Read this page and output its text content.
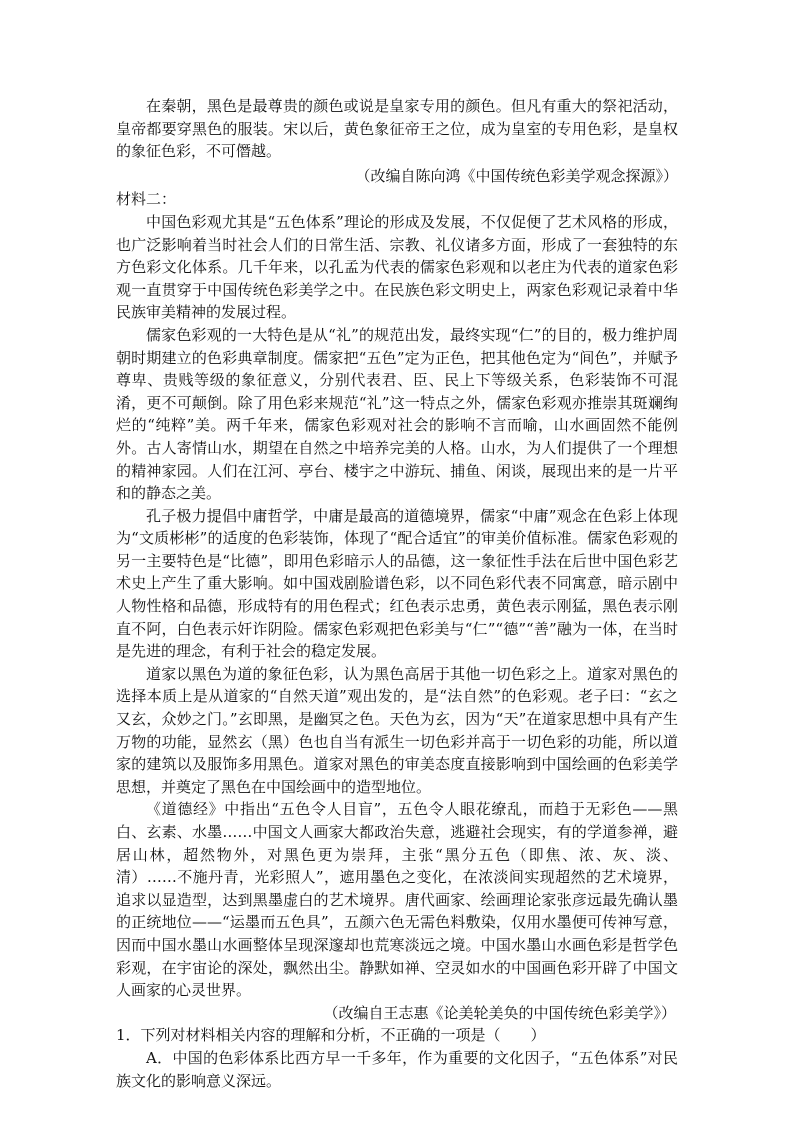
在秦朝，黑色是最尊贵的颜色或说是皇家专用的颜色。但凡有重大的祭祀活动，皇帝都要穿黑色的服装。宋以后，黄色象征帝王之位，成为皇室的专用色彩，是皇权的象征色彩，不可僭越。

（改编自陈向鸿《中国传统色彩美学观念探源》）

材料二：

中国色彩观尤其是“五色体系”理论的形成及发展，不仅促便了艺术风格的形成，也广泛影响着当时社会人们的日常生活、宗教、礼仪诸多方面，形成了一套独特的东方色彩文化体系。几千年来，以孔孟为代表的儒家色彩观和以老庄为代表的道家色彩观一直贯穿于中国传统色彩美学之中。在民族色彩文明史上，两家色彩观记录着中华民族审美精神的发展过程。

儒家色彩观的一大特色是从“礼”的规范出发，最终实现“仁”的目的，极力维护周朝时期建立的色彩典章制度。儒家把“五色”定为正色，把其他色定为“间色”，并赋予尊卑、贵贱等级的象征意义，分别代表君、臣、民上下等级关系，色彩装饰不可混淆，更不可颠倒。除了用色彩来规范“礼”这一特点之外，儒家色彩观亦推崇其斑斓绚烂的“纯粹”美。两千年来，儒家色彩观对社会的影响不言而喻，山水画固然不能例外。古人寄情山水，期望在自然之中培养完美的人格。山水，为人们提供了一个理想的精神家园。人们在江河、亭台、楼宇之中游玩、捕鱼、闲谈，展现出来的是一片平和的静态之美。

孔子极力提倡中庸哲学，中庸是最高的道德境界，儒家“中庸”观念在色彩上体现为“文质彬彬”的适度的色彩装饰，体现了“配合适宜”的审美价值标准。儒家色彩观的另一主要特色是“比德”，即用色彩暗示人的品德，这一象征性手法在后世中国色彩艺术史上产生了重大影响。如中国戏剧脸谱色彩，以不同色彩代表不同寓意，暗示剧中人物性格和品德，形成特有的用色程式；红色表示忠勇，黄色表示刚猛，黑色表示刚直不阿，白色表示奸诈阴险。儒家色彩观把色彩美与“仁”“德”“善”融为一体，在当时是先进的理念，有利于社会的稳定发展。

道家以黑色为道的象征色彩，认为黑色高居于其他一切色彩之上。道家对黑色的选择本质上是从道家的“自然天道”观出发的，是“法自然”的色彩观。老子曰：“玄之又玄，众妙之门。”玄即黑，是幽冥之色。天色为玄，因为“天”在道家思想中具有产生万物的功能，显然玄（黑）色也自当有派生一切色彩并高于一切色彩的功能，所以道家的建筑以及服饰多用黑色。道家对黑色的审美态度直接影响到中国绘画的色彩美学思想，并奠定了黑色在中国绘画中的造型地位。

《道德经》中指出“五色令人目盲”，五色令人眼花缭乱，而趋于无彩色——黑白、玄素、水墨……中国文人画家大都政治失意，逃避社会现实，有的学道参禅，避居山林，超然物外，对黑色更为崇拜，主张“黑分五色（即焦、浓、灰、淡、清）……不施丹青，光彩照人”，遮用墨色之变化，在浓淡间实现超然的艺术境界，追求以显造型，达到黑墨虚白的艺术境界。唐代画家、绘画理论家张彦远最先确认墨的正统地位——“运墨而五色具”，五颜六色无需色料敷染，仅用水墨便可传神写意，因而中国水墨山水画整体呈现深邃却也荒寒淡远之境。中国水墨山水画色彩是哲学色彩观，在宇宙论的深处，飘然出尘。静默如禅、空灵如水的中国画色彩开辟了中国文人画家的心灵世界。

（改编自王志惠《论美轮美奂的中国传统色彩美学》）

1．下列对材料相关内容的理解和分析，不正确的一项是（　　）

A．中国的色彩体系比西方早一千多年，作为重要的文化因子，“五色体系”对民族文化的影响意义深远。
